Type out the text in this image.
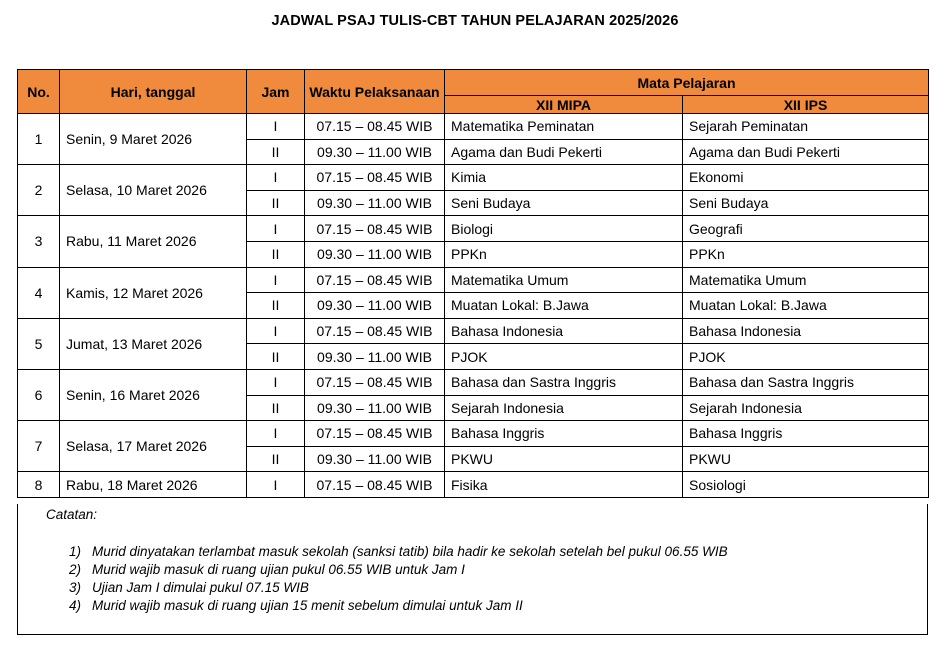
JADWAL PSAJ TULIS-CBT TAHUN PELAJARAN 2025/2026
No.	Hari, tanggal	Jam	Waktu Pelaksanaan	Mata Pelajaran	
				XII MIPA	XII IPS
1	Senin, 9 Maret 2026	I	07.15 – 08.45 WIB	Matematika Peminatan	Sejarah Peminatan
		II	09.30 – 11.00 WIB	Agama dan Budi Pekerti	Agama dan Budi Pekerti
2	Selasa, 10 Maret 2026	I	07.15 – 08.45 WIB	Kimia	Ekonomi
		II	09.30 – 11.00 WIB	Seni Budaya	Seni Budaya
3	Rabu, 11 Maret 2026	I	07.15 – 08.45 WIB	Biologi	Geografi
		II	09.30 – 11.00 WIB	PPKn	PPKn
4	Kamis, 12 Maret 2026	I	07.15 – 08.45 WIB	Matematika Umum	Matematika Umum
		II	09.30 – 11.00 WIB	Muatan Lokal: B.Jawa	Muatan Lokal: B.Jawa
5	Jumat, 13 Maret 2026	I	07.15 – 08.45 WIB	Bahasa Indonesia	Bahasa Indonesia
		II	09.30 – 11.00 WIB	PJOK	PJOK
6	Senin, 16 Maret 2026	I	07.15 – 08.45 WIB	Bahasa dan Sastra Inggris	Bahasa dan Sastra Inggris
		II	09.30 – 11.00 WIB	Sejarah Indonesia	Sejarah Indonesia
7	Selasa, 17 Maret 2026	I	07.15 – 08.45 WIB	Bahasa Inggris	Bahasa Inggris
		II	09.30 – 11.00 WIB	PKWU	PKWU
8	Rabu, 18 Maret 2026	I	07.15 – 08.45 WIB	Fisika	Sosiologi
Catatan:
1) Murid dinyatakan terlambat masuk sekolah (sanksi tatib) bila hadir ke sekolah setelah bel pukul 06.55 WIB
2) Murid wajib masuk di ruang ujian pukul 06.55 WIB untuk Jam I
3) Ujian Jam I dimulai pukul 07.15 WIB
4) Murid wajib masuk di ruang ujian 15 menit sebelum dimulai untuk Jam II
